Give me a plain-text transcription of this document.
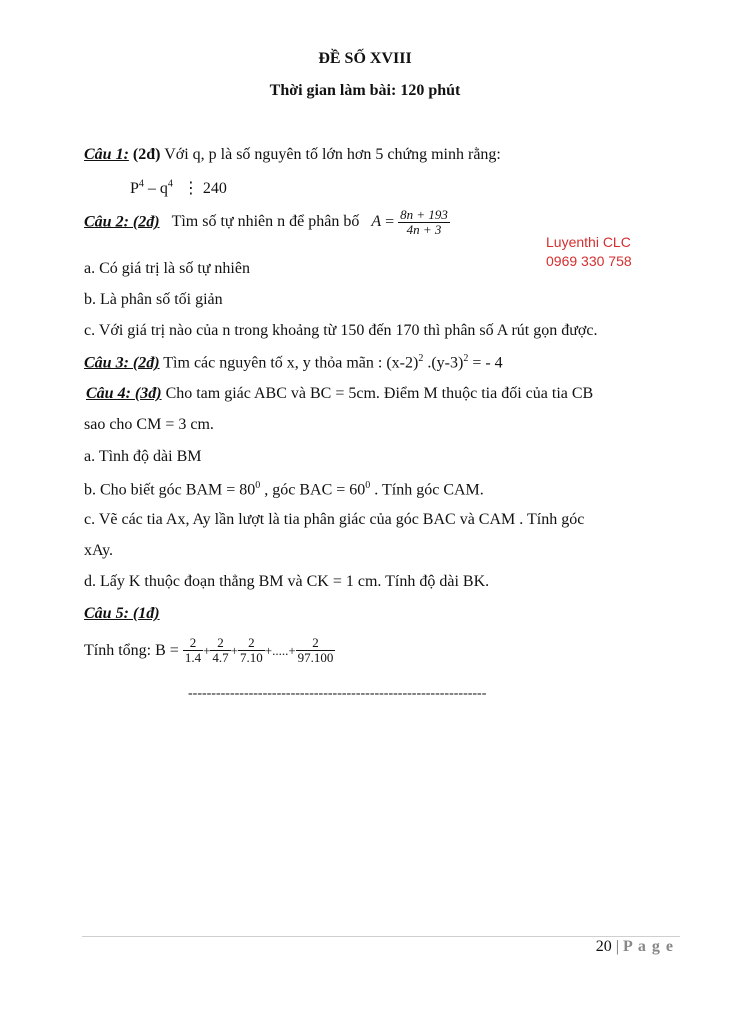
ĐỀ SỐ XVIII
Thời gian làm bài: 120 phút
Câu 1: (2đ) Với q, p là số nguyên tố lớn hơn 5 chứng minh rằng:
$P^4 - q^4$ ⋮ 240
Câu 2: (2đ) Tìm số tự nhiên n để phân bố $A = \frac{8n + 193}{4n + 3}$
Luyenthi CLC
0969 330 758
a. Có giá trị là số tự nhiên
b. Là phân số tối giản
c. Với giá trị nào của n trong khoảng từ 150 đến 170 thì phân số A rút gọn được.
Câu 3: (2đ) Tìm các nguyên tố x, y thỏa mãn : $(x-2)^2$ $.(y-3)^2$ = - 4
Câu 4: (3đ) Cho tam giác ABC và BC = 5cm. Điểm M thuộc tia đối của tia CB
sao cho CM = 3 cm.
a. Tình độ dài BM
b. Cho biết góc BAM = $80^0$ , góc BAC = $60^0$ . Tính góc CAM.
c. Vẽ các tia Ax, Ay lần lượt là tia phân giác của góc BAC và CAM . Tính góc
xAy.
d. Lấy K thuộc đoạn thẳng BM và CK = 1 cm. Tính độ dài BK.
Câu 5: (1đ)
Tính tổng: $B = \frac{2}{1.4} + \frac{2}{4.7} + \frac{2}{7.10}$ +.....+ $\frac{2}{97.100}$
----------------------------------------------------------------
20 | P a g e
